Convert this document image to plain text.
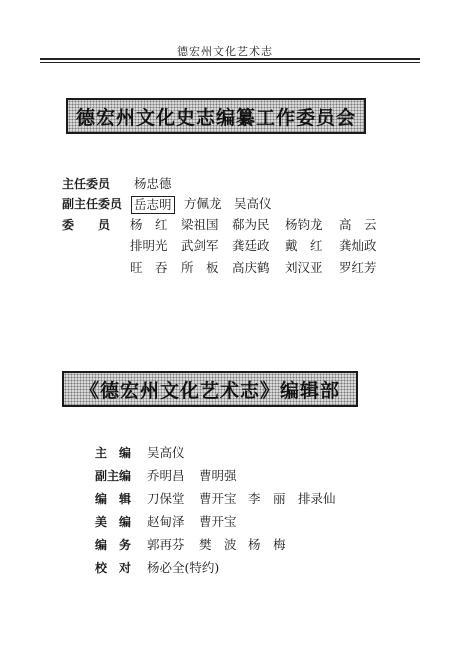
德宏州文化艺术志
德宏州文化史志编纂工作委员会
主任委员 杨忠德
副主任委员 岳志明 方佩龙 吴高仪
委　　员 杨　红 梁祖国 郗为民 杨钧龙 高　云
排明光 武剑军 龚廷政 戴　红 龚灿政
旺　吞 所　板 高庆鹤 刘汉亚 罗红芳
《德宏州文化艺术志》编辑部
主　编 吴高仪
副主编 乔明昌 曹明强
编　辑 刀保堂 曹开宝 李　丽 排录仙
美　编 赵甸泽 曹开宝
编　务 郭再芬 樊　波 杨　梅
校　对 杨必全(特约)
